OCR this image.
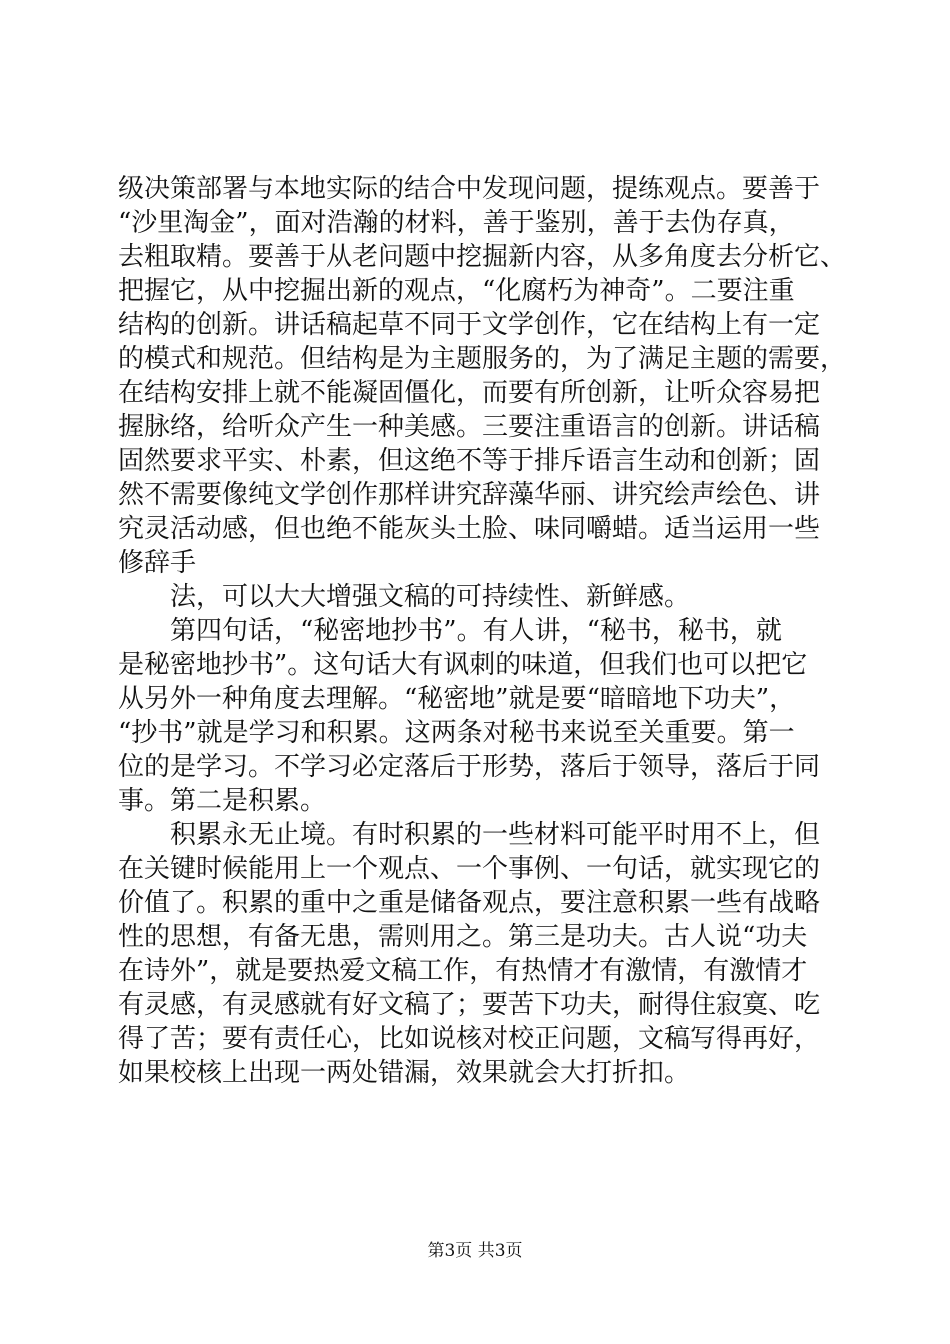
级决策部署与本地实际的结合中发现问题，提练观点。要善于
“沙里淘金”，面对浩瀚的材料，善于鉴别，善于去伪存真，
去粗取精。要善于从老问题中挖掘新内容，从多角度去分析它、
把握它，从中挖掘出新的观点，“化腐朽为神奇”。二要注重
结构的创新。讲话稿起草不同于文学创作，它在结构上有一定
的模式和规范。但结构是为主题服务的，为了满足主题的需要，
在结构安排上就不能凝固僵化，而要有所创新，让听众容易把
握脉络，给听众产生一种美感。三要注重语言的创新。讲话稿
固然要求平实、朴素，但这绝不等于排斥语言生动和创新；固
然不需要像纯文学创作那样讲究辞藻华丽、讲究绘声绘色、讲
究灵活动感，但也绝不能灰头土脸、味同嚼蜡。适当运用一些
修辞手
法，可以大大增强文稿的可持续性、新鲜感。
第四句话，“秘密地抄书”。有人讲，“秘书，秘书，就
是秘密地抄书”。这句话大有讽刺的味道，但我们也可以把它
从另外一种角度去理解。“秘密地”就是要“暗暗地下功夫”，
“抄书”就是学习和积累。这两条对秘书来说至关重要。第一
位的是学习。不学习必定落后于形势，落后于领导，落后于同
事。第二是积累。
积累永无止境。有时积累的一些材料可能平时用不上，但
在关键时候能用上一个观点、一个事例、一句话，就实现它的
价值了。积累的重中之重是储备观点，要注意积累一些有战略
性的思想，有备无患，需则用之。第三是功夫。古人说“功夫
在诗外”，就是要热爱文稿工作，有热情才有激情，有激情才
有灵感，有灵感就有好文稿了；要苦下功夫，耐得住寂寞、吃
得了苦；要有责任心，比如说核对校正问题，文稿写得再好，
如果校核上出现一两处错漏，效果就会大打折扣。
第3页 共3页
